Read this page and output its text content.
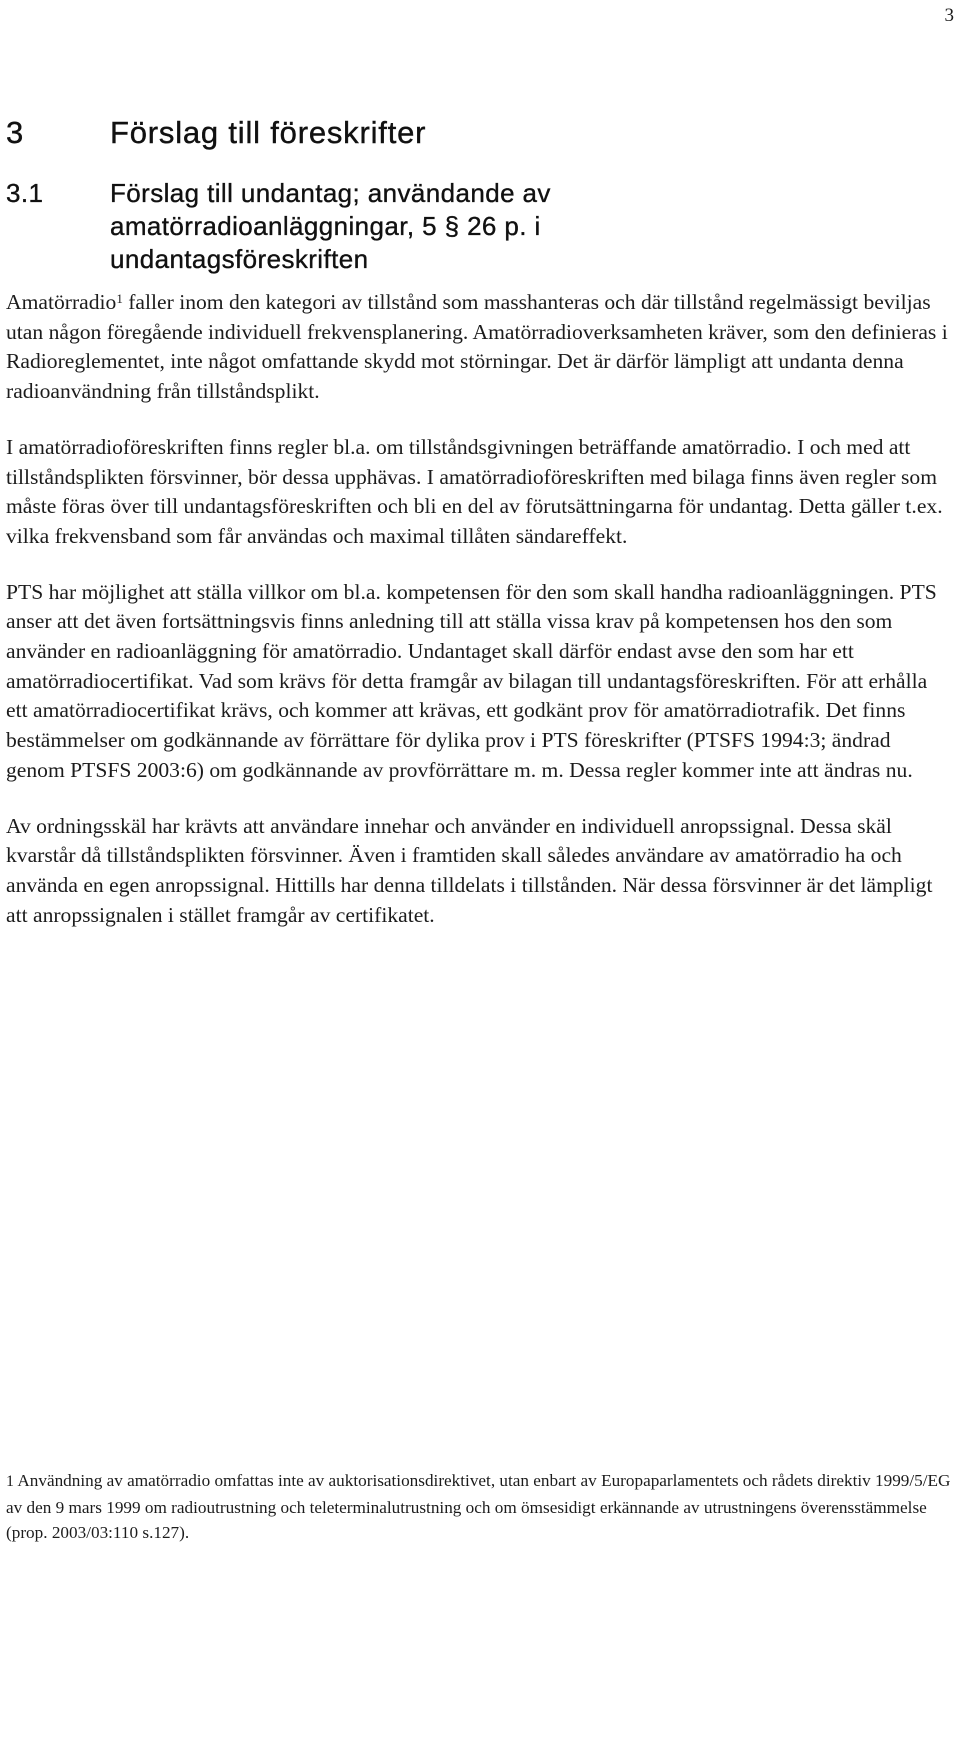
3
3	Förslag till föreskrifter
3.1	Förslag till undantag; användande av amatörradioanläggningar, 5 § 26 p. i undantagsföreskriften

Amatörradio$^1$ faller inom den kategori av tillstånd som masshanteras och där tillstånd regelmässigt beviljas utan någon föregående individuell frekvensplanering. Amatörradioverksamheten kräver, som den definieras i Radioreglementet, inte något omfattande skydd mot störningar. Det är därför lämpligt att undanta denna radioanvändning från tillståndsplikt.

I amatörradioföreskriften finns regler bl.a. om tillståndsgivningen beträffande amatörradio. I och med att tillståndsplikten försvinner, bör dessa upphävas. I amatörradioföreskriften med bilaga finns även regler som måste föras över till undantagsföreskriften och bli en del av förutsättningarna för undantag. Detta gäller t.ex. vilka frekvensband som får användas och maximal tillåten sändareffekt.

PTS har möjlighet att ställa villkor om bl.a. kompetensen för den som skall handha radioanläggningen. PTS anser att det även fortsättningsvis finns anledning till att ställa vissa krav på kompetensen hos den som använder en radioanläggning för amatörradio. Undantaget skall därför endast avse den som har ett amatörradiocertifikat. Vad som krävs för detta framgår av bilagan till undantagsföreskriften. För att erhålla ett amatörradiocertifikat krävs, och kommer att krävas, ett godkänt prov för amatörradiotrafik. Det finns bestämmelser om godkännande av förrättare för dylika prov i PTS föreskrifter (PTSFS 1994:3; ändrad genom PTSFS 2003:6) om godkännande av provförrättare m. m. Dessa regler kommer inte att ändras nu.

Av ordningsskäl har krävts att användare innehar och använder en individuell anropssignal. Dessa skäl kvarstår då tillståndsplikten försvinner. Även i framtiden skall således användare av amatörradio ha och använda en egen anropssignal. Hittills har denna tilldelats i tillstånden. När dessa försvinner är det lämpligt att anropssignalen i stället framgår av certifikatet.

1 Användning av amatörradio omfattas inte av auktorisationsdirektivet, utan enbart av Europaparlamentets och rådets direktiv 1999/5/EG av den 9 mars 1999 om radioutrustning och teleterminalutrustning och om ömsesidigt erkännande av utrustningens överensstämmelse (prop. 2003/03:110 s.127).
